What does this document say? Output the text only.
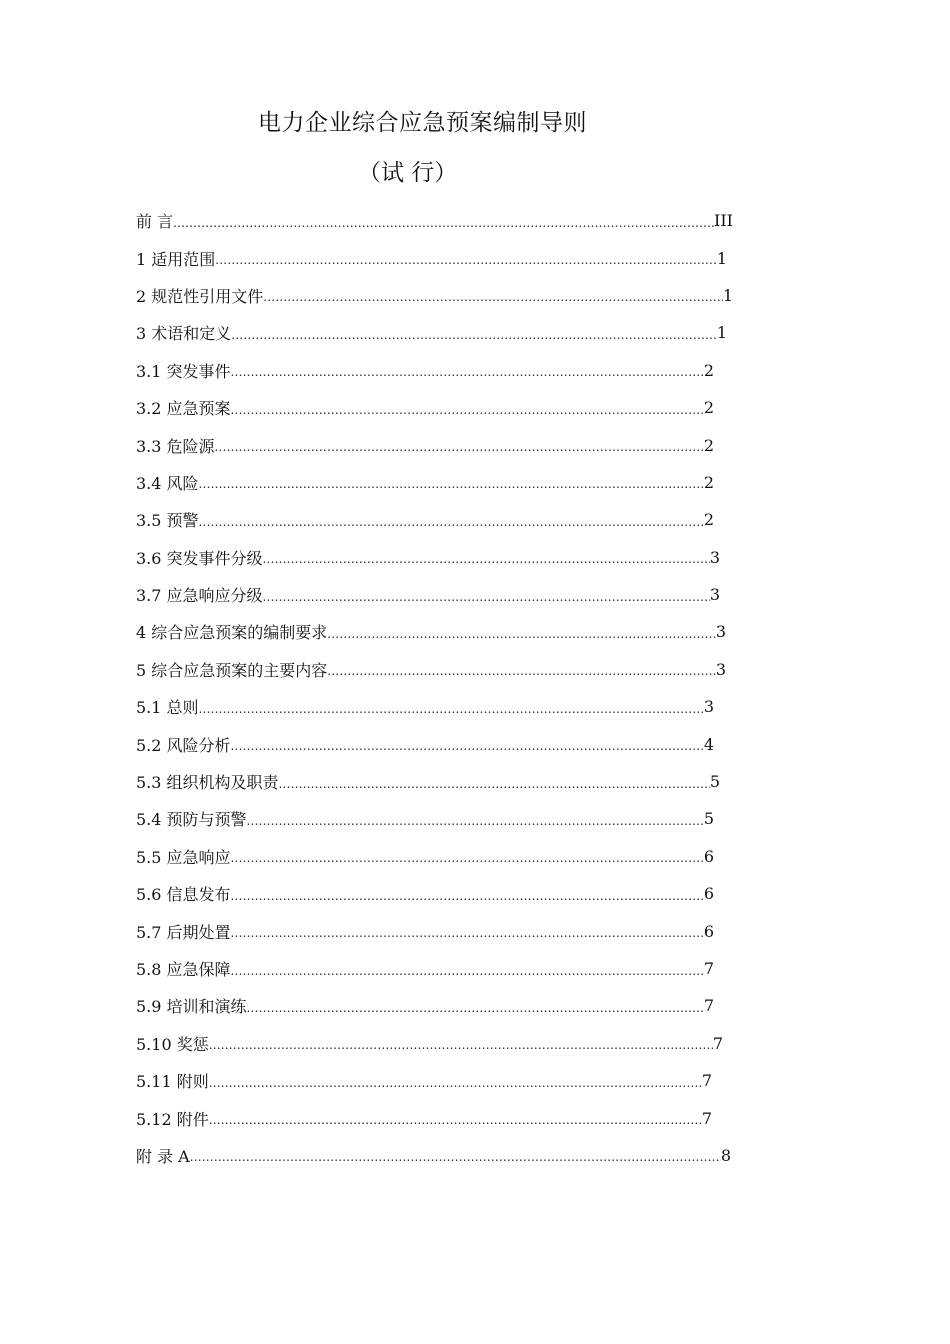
电力企业综合应急预案编制导则
（试 行）
前 言 .....	III
1 适用范围 .....	1
2 规范性引用文件 .....	1
3 术语和定义 .....	1
3.1 突发事件 .....	2
3.2 应急预案 .....	2
3.3 危险源 .....	2
3.4 风险 .....	2
3.5 预警 .....	2
3.6 突发事件分级 .....	3
3.7 应急响应分级 .....	3
4 综合应急预案的编制要求 .....	3
5 综合应急预案的主要内容 .....	3
5.1 总则 .....	3
5.2 风险分析 .....	4
5.3 组织机构及职责 .....	5
5.4 预防与预警 .....	5
5.5 应急响应 .....	6
5.6 信息发布 .....	6
5.7 后期处置 .....	6
5.8 应急保障 .....	7
5.9 培训和演练 .....	7
5.10 奖惩 .....	7
5.11 附则 .....	7
5.12 附件 .....	7
附 录 A .....	8
